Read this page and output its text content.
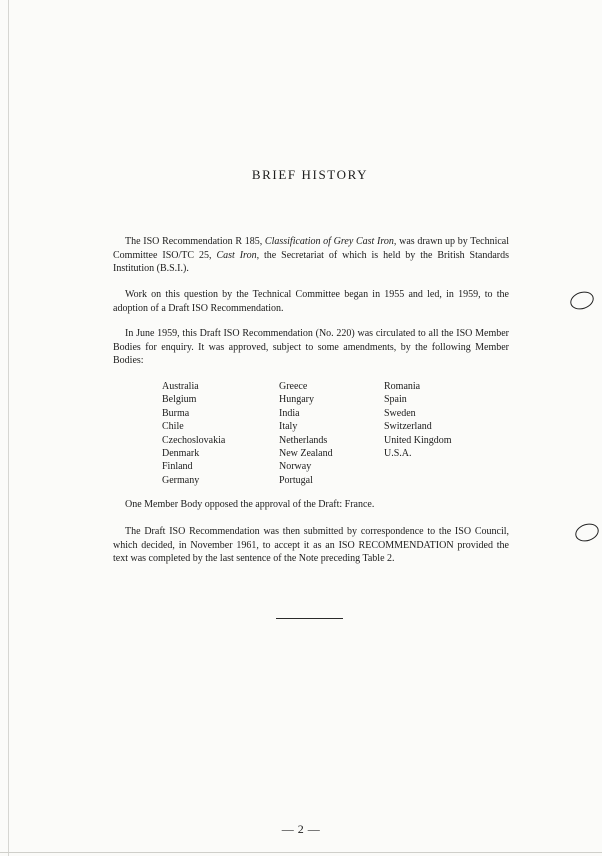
BRIEF HISTORY

The ISO Recommendation R 185, Classification of Grey Cast Iron, was drawn up by Technical Committee ISO/TC 25, Cast Iron, the Secretariat of which is held by the British Standards Institution (B.S.I.).

Work on this question by the Technical Committee began in 1955 and led, in 1959, to the adoption of a Draft ISO Recommendation.

In June 1959, this Draft ISO Recommendation (No. 220) was circulated to all the ISO Member Bodies for enquiry. It was approved, subject to some amendments, by the following Member Bodies:

Australia
Belgium
Burma
Chile
Czechoslovakia
Denmark
Finland
Germany
Greece
Hungary
India
Italy
Netherlands
New Zealand
Norway
Portugal
Romania
Spain
Sweden
Switzerland
United Kingdom
U.S.A.

One Member Body opposed the approval of the Draft: France.

The Draft ISO Recommendation was then submitted by correspondence to the ISO Council, which decided, in November 1961, to accept it as an ISO RECOMMENDATION provided the text was completed by the last sentence of the Note preceding Table 2.

— 2 —
